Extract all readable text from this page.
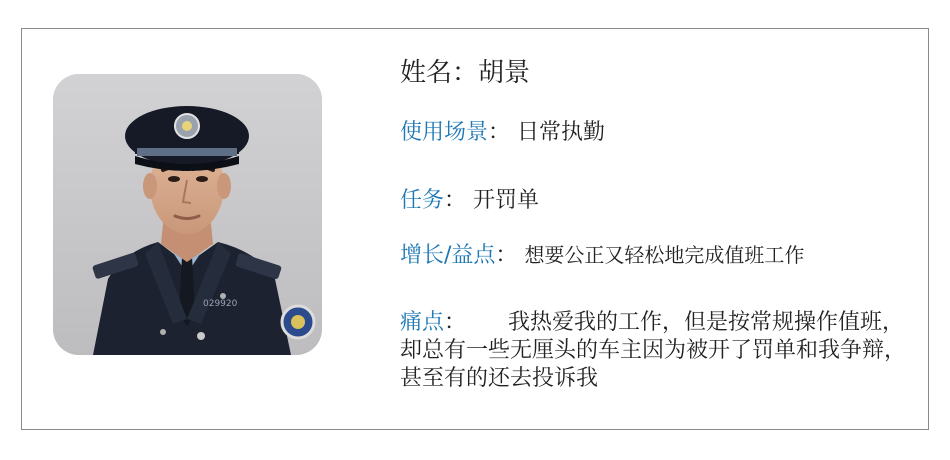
029920
姓名：胡景
使用场景： 日常执勤
任务： 开罚单
增长/益点： 想要公正又轻松地完成值班工作
痛点： 我热爱我的工作，但是按常规操作值班，却总有一些无厘头的车主因为被开了罚单和我争辩，甚至有的还去投诉我
